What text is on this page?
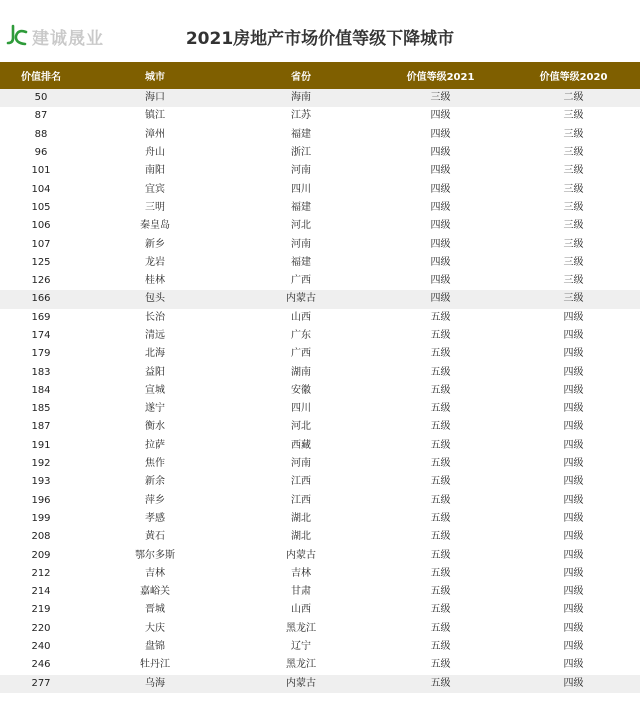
建诚晟业	2021房地产市场价值等级下降城市
价值排名	城市	省份	价值等级2021	价值等级2020
50	海口	海南	三级	二级
87	镇江	江苏	四级	三级
88	漳州	福建	四级	三级
96	舟山	浙江	四级	三级
101	南阳	河南	四级	三级
104	宜宾	四川	四级	三级
105	三明	福建	四级	三级
106	秦皇岛	河北	四级	三级
107	新乡	河南	四级	三级
125	龙岩	福建	四级	三级
126	桂林	广西	四级	三级
166	包头	内蒙古	四级	三级
169	长治	山西	五级	四级
174	清远	广东	五级	四级
179	北海	广西	五级	四级
183	益阳	湖南	五级	四级
184	宣城	安徽	五级	四级
185	遂宁	四川	五级	四级
187	衡水	河北	五级	四级
191	拉萨	西藏	五级	四级
192	焦作	河南	五级	四级
193	新余	江西	五级	四级
196	萍乡	江西	五级	四级
199	孝感	湖北	五级	四级
208	黄石	湖北	五级	四级
209	鄂尔多斯	内蒙古	五级	四级
212	吉林	吉林	五级	四级
214	嘉峪关	甘肃	五级	四级
219	晋城	山西	五级	四级
220	大庆	黑龙江	五级	四级
240	盘锦	辽宁	五级	四级
246	牡丹江	黑龙江	五级	四级
277	乌海	内蒙古	五级	四级
